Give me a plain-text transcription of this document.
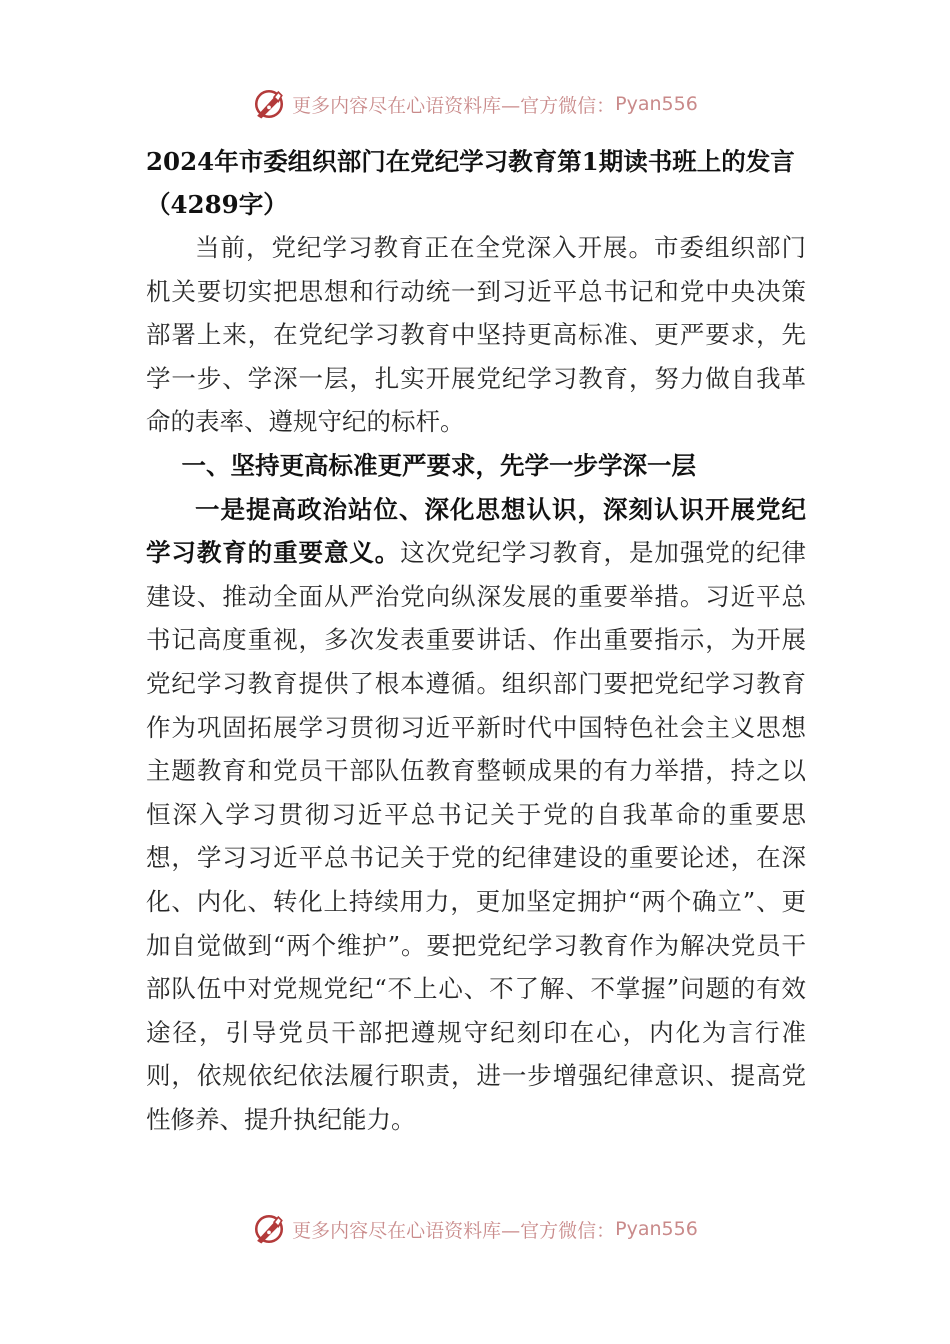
更多内容尽在心语资料库—官方微信： Pyan556

2024年市委组织部门在党纪学习教育第1期读书班上的发言（4289字）

当前，党纪学习教育正在全党深入开展。市委组织部门机关要切实把思想和行动统一到习近平总书记和党中央决策部署上来，在党纪学习教育中坚持更高标准、更严要求，先学一步、学深一层，扎实开展党纪学习教育，努力做自我革命的表率、遵规守纪的标杆。

一、坚持更高标准更严要求，先学一步学深一层

一是提高政治站位、深化思想认识，深刻认识开展党纪学习教育的重要意义。这次党纪学习教育，是加强党的纪律建设、推动全面从严治党向纵深发展的重要举措。习近平总书记高度重视，多次发表重要讲话、作出重要指示，为开展党纪学习教育提供了根本遵循。组织部门要把党纪学习教育作为巩固拓展学习贯彻习近平新时代中国特色社会主义思想主题教育和党员干部队伍教育整顿成果的有力举措，持之以恒深入学习贯彻习近平总书记关于党的自我革命的重要思想，学习习近平总书记关于党的纪律建设的重要论述，在深化、内化、转化上持续用力，更加坚定拥护“两个确立”、更加自觉做到“两个维护”。要把党纪学习教育作为解决党员干部队伍中对党规党纪“不上心、不了解、不掌握”问题的有效途径，引导党员干部把遵规守纪刻印在心，内化为言行准则，依规依纪依法履行职责，进一步增强纪律意识、提高党性修养、提升执纪能力。

更多内容尽在心语资料库—官方微信： Pyan556
